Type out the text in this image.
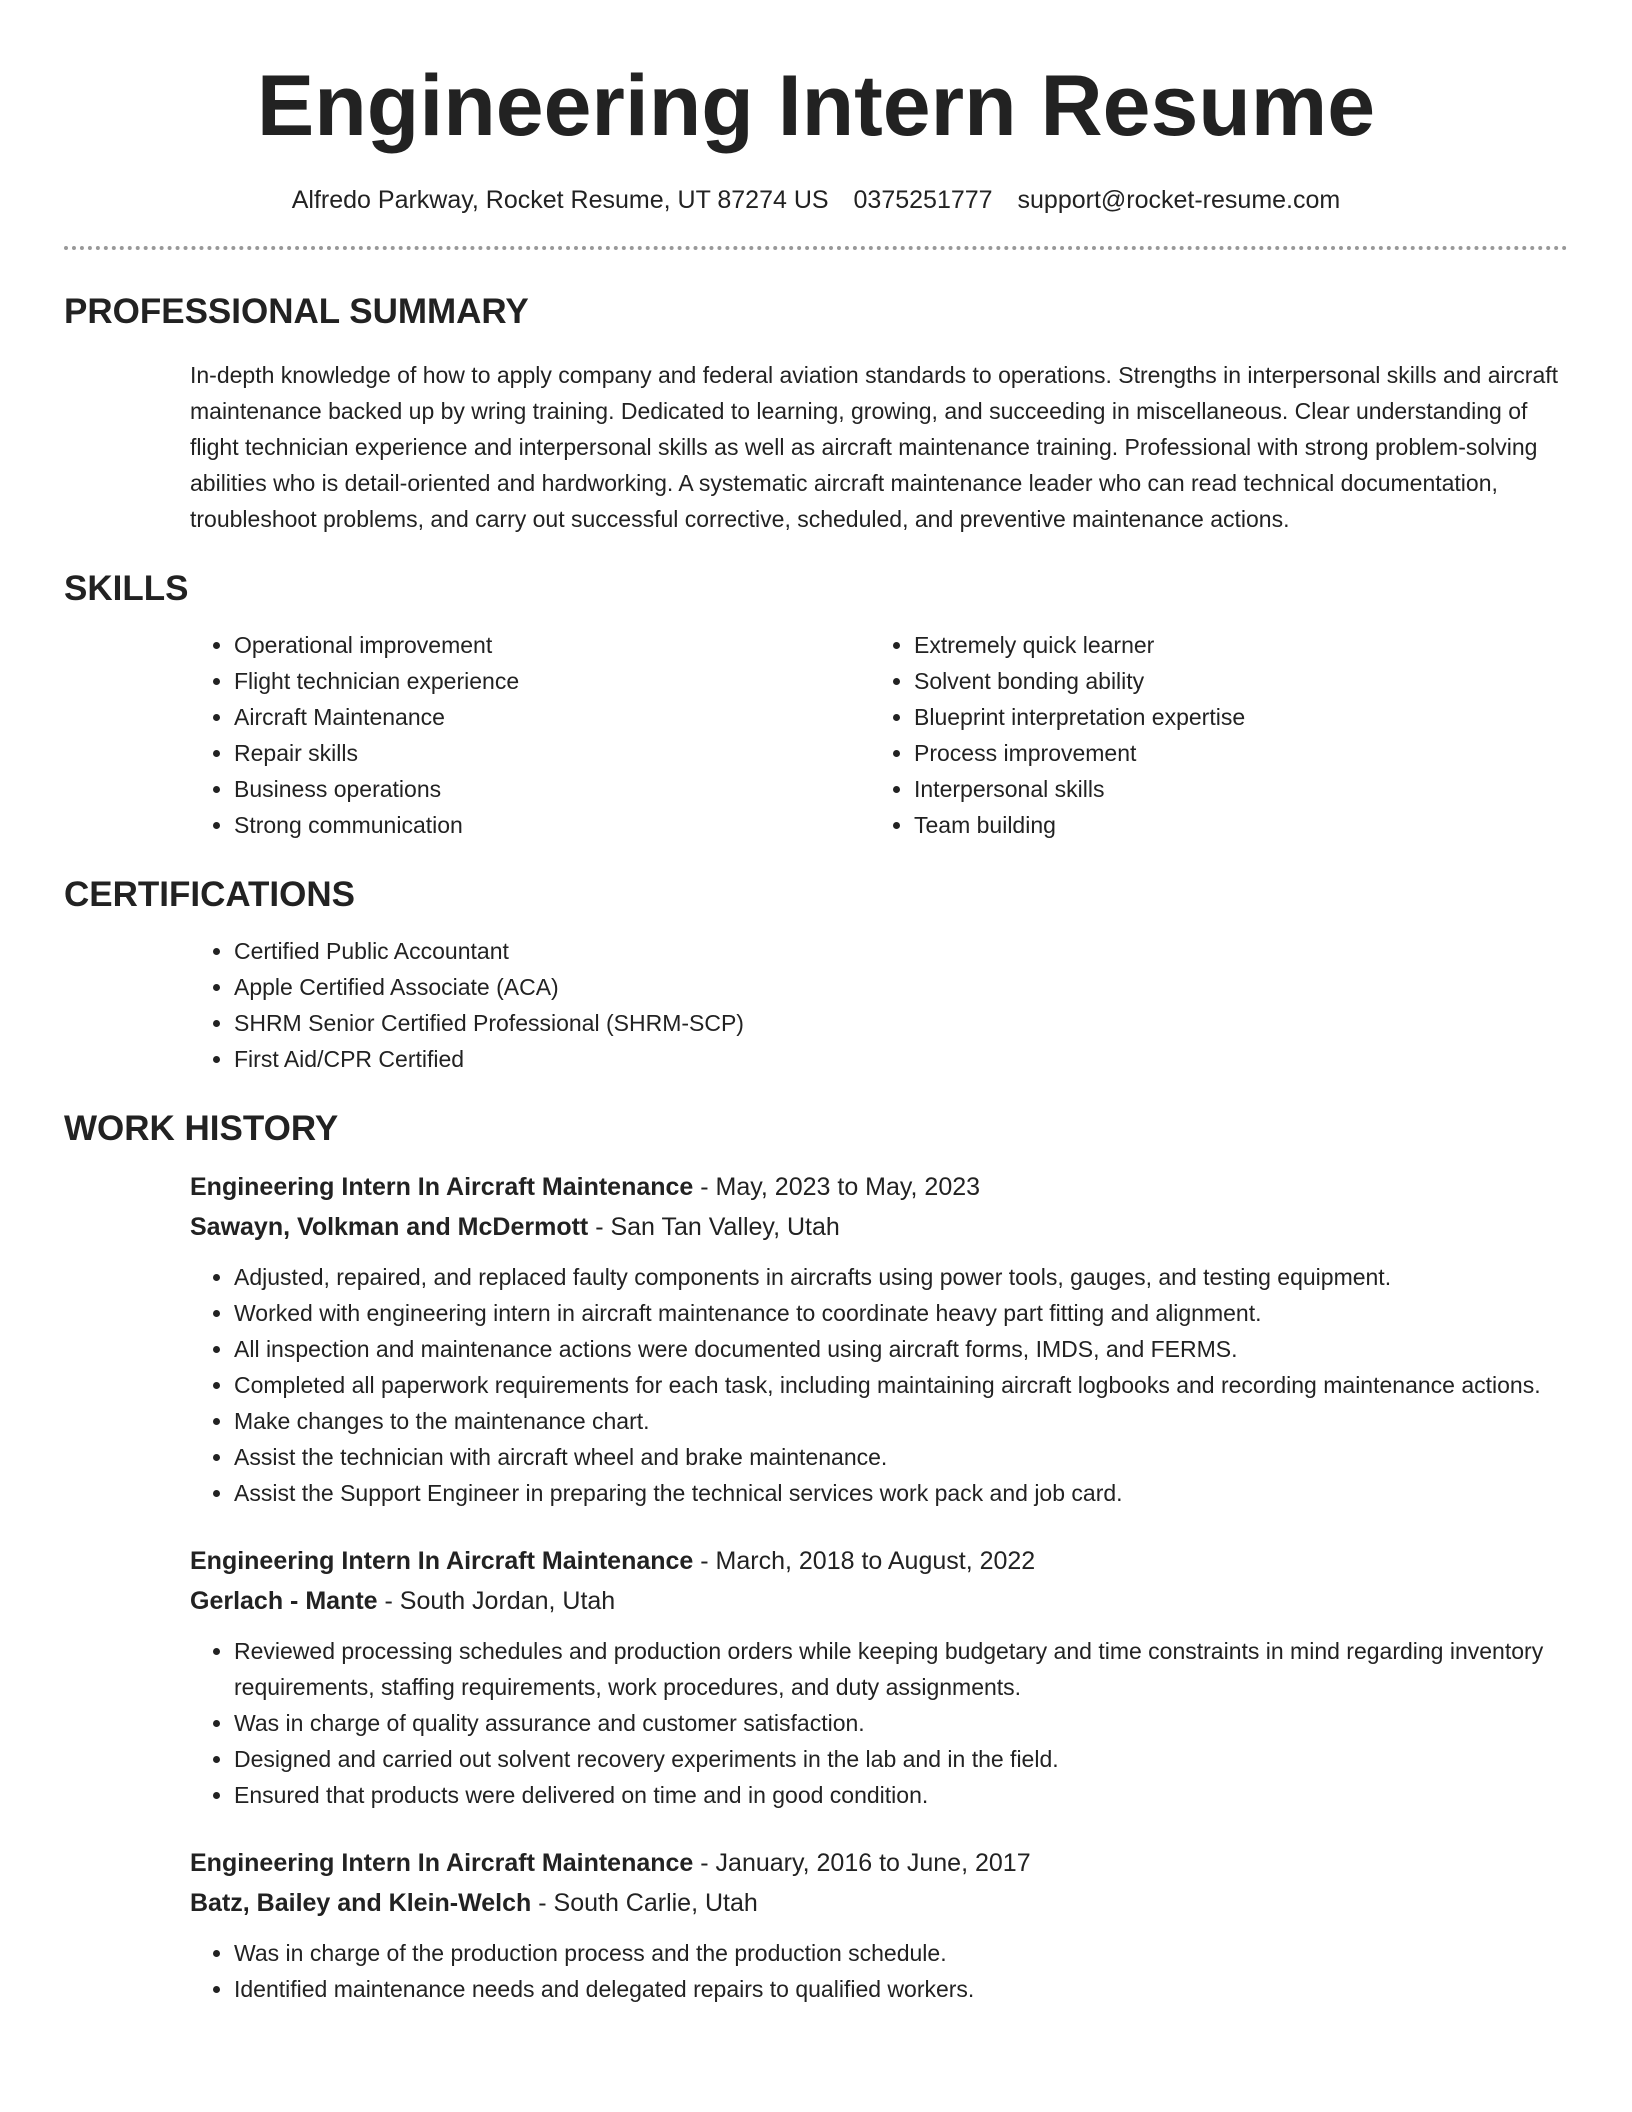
Engineering Intern Resume
Alfredo Parkway, Rocket Resume, UT 87274 US 0375251777 support@rocket-resume.com
PROFESSIONAL SUMMARY

In-depth knowledge of how to apply company and federal aviation standards to operations. Strengths in interpersonal skills and aircraft maintenance backed up by wring training. Dedicated to learning, growing, and succeeding in miscellaneous. Clear understanding of flight technician experience and interpersonal skills as well as aircraft maintenance training. Professional with strong problem-solving abilities who is detail-oriented and hardworking. A systematic aircraft maintenance leader who can read technical documentation, troubleshoot problems, and carry out successful corrective, scheduled, and preventive maintenance actions.

SKILLS
• Operational improvement
• Flight technician experience
• Aircraft Maintenance
• Repair skills
• Business operations
• Strong communication
• Extremely quick learner
• Solvent bonding ability
• Blueprint interpretation expertise
• Process improvement
• Interpersonal skills
• Team building
CERTIFICATIONS
• Certified Public Accountant
• Apple Certified Associate (ACA)
• SHRM Senior Certified Professional (SHRM-SCP)
• First Aid/CPR Certified
WORK HISTORY
Engineering Intern In Aircraft Maintenance - May, 2023 to May, 2023
Sawayn, Volkman and McDermott - San Tan Valley, Utah
• Adjusted, repaired, and replaced faulty components in aircrafts using power tools, gauges, and testing equipment.
• Worked with engineering intern in aircraft maintenance to coordinate heavy part fitting and alignment.
• All inspection and maintenance actions were documented using aircraft forms, IMDS, and FERMS.
• Completed all paperwork requirements for each task, including maintaining aircraft logbooks and recording maintenance actions.
• Make changes to the maintenance chart.
• Assist the technician with aircraft wheel and brake maintenance.
• Assist the Support Engineer in preparing the technical services work pack and job card.
Engineering Intern In Aircraft Maintenance - March, 2018 to August, 2022
Gerlach - Mante - South Jordan, Utah
• Reviewed processing schedules and production orders while keeping budgetary and time constraints in mind regarding inventory requirements, staffing requirements, work procedures, and duty assignments.
• Was in charge of quality assurance and customer satisfaction.
• Designed and carried out solvent recovery experiments in the lab and in the field.
• Ensured that products were delivered on time and in good condition.
Engineering Intern In Aircraft Maintenance - January, 2016 to June, 2017
Batz, Bailey and Klein-Welch - South Carlie, Utah
• Was in charge of the production process and the production schedule.
• Identified maintenance needs and delegated repairs to qualified workers.
